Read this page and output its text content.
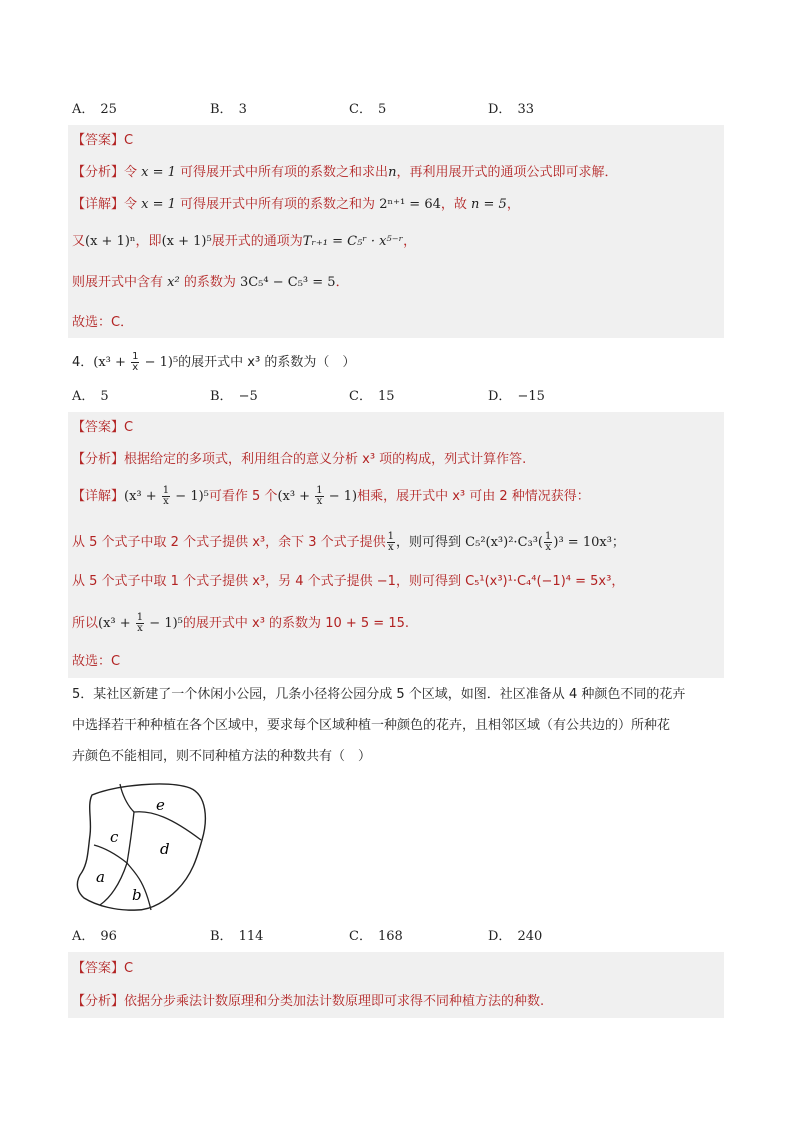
A． 25	B． 3	C． 5	D． 33
【答案】C
【分析】令 x = 1 可得展开式中所有项的系数之和求出n，再利用展开式的通项公式即可求解．
【详解】令 x = 1 可得展开式中所有项的系数之和为 2ⁿ⁺¹ = 64，故 n = 5，
又(x + 1)ⁿ，即(x + 1)⁵展开式的通项为Tᵣ₊₁ = C₅ʳ · x⁵⁻ʳ，
则展开式中含有 x² 的系数为 3C₅⁴ − C₅³ = 5．
故选：C．
4．$(x^3 + \frac{1}{x} - 1)^5$的展开式中 x³ 的系数为（　）
A． 5	B． −5	C． 15	D． −15
【答案】C
【分析】根据给定的多项式，利用组合的意义分析 x³ 项的构成，列式计算作答.
【详解】$(x^3 + \frac{1}{x} - 1)^5$可看作 5 个$(x^3 + \frac{1}{x} - 1)$相乘，展开式中 x³ 可由 2 种情况获得：
从 5 个式子中取 2 个式子提供 x³，余下 3 个式子提供 $\frac{1}{x}$ ，则可得到 $C_5^2(x^3)^2\cdot C_3^3( \frac{1}{x} )^3 = 10x^3$；
从 5 个式子中取 1 个式子提供 x³，另 4 个式子提供 −1，则可得到 C₅¹(x³)¹·C₄⁴(−1)⁴ = 5x³，
所以$(x^3 + \frac{1}{x} - 1)^5$的展开式中 x³ 的系数为 10 + 5 = 15.
故选：C
5．某社区新建了一个休闲小公园，几条小径将公园分成 5 个区域，如图．社区准备从 4 种颜色不同的花卉
中选择若干种种植在各个区域中，要求每个区域种植一种颜色的花卉，且相邻区域（有公共边的）所种花
卉颜色不能相同，则不同种植方法的种数共有（　）
e
c
d
a
b
A． 96	B． 114	C． 168	D． 240
【答案】C
【分析】依据分步乘法计数原理和分类加法计数原理即可求得不同种植方法的种数.
